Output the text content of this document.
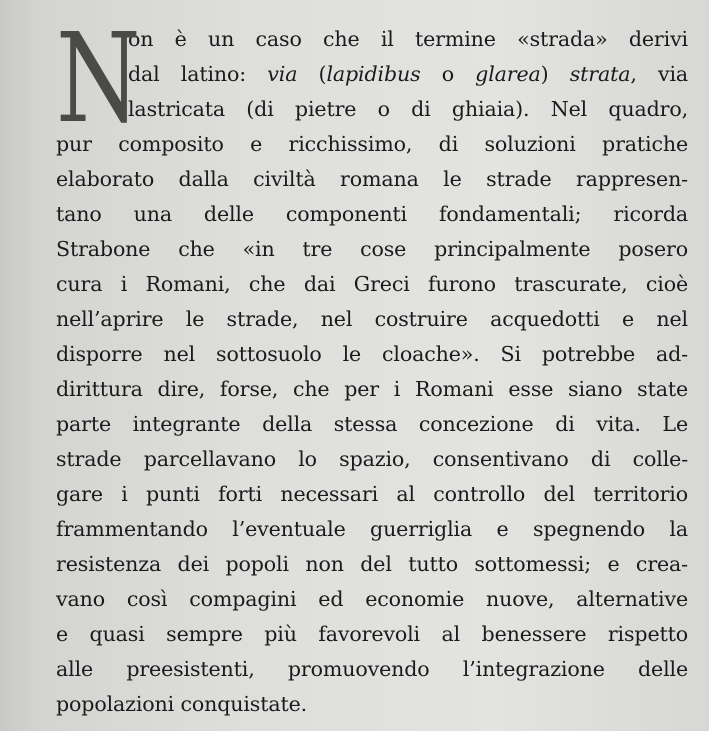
N
on è un caso che il termine «strada» derivi
dal latino: via (lapidibus o glarea) strata, via
lastricata (di pietre o di ghiaia). Nel quadro,
pur composito e ricchissimo, di soluzioni pratiche
elaborato dalla civiltà romana le strade rappresen-
tano una delle componenti fondamentali; ricorda
Strabone che «in tre cose principalmente posero
cura i Romani, che dai Greci furono trascurate, cioè
nell’aprire le strade, nel costruire acquedotti e nel
disporre nel sottosuolo le cloache». Si potrebbe ad-
dirittura dire, forse, che per i Romani esse siano state
parte integrante della stessa concezione di vita. Le
strade parcellavano lo spazio, consentivano di colle-
gare i punti forti necessari al controllo del territorio
frammentando l’eventuale guerriglia e spegnendo la
resistenza dei popoli non del tutto sottomessi; e crea-
vano così compagini ed economie nuove, alternative
e quasi sempre più favorevoli al benessere rispetto
alle preesistenti, promuovendo l’integrazione delle
popolazioni conquistate.
